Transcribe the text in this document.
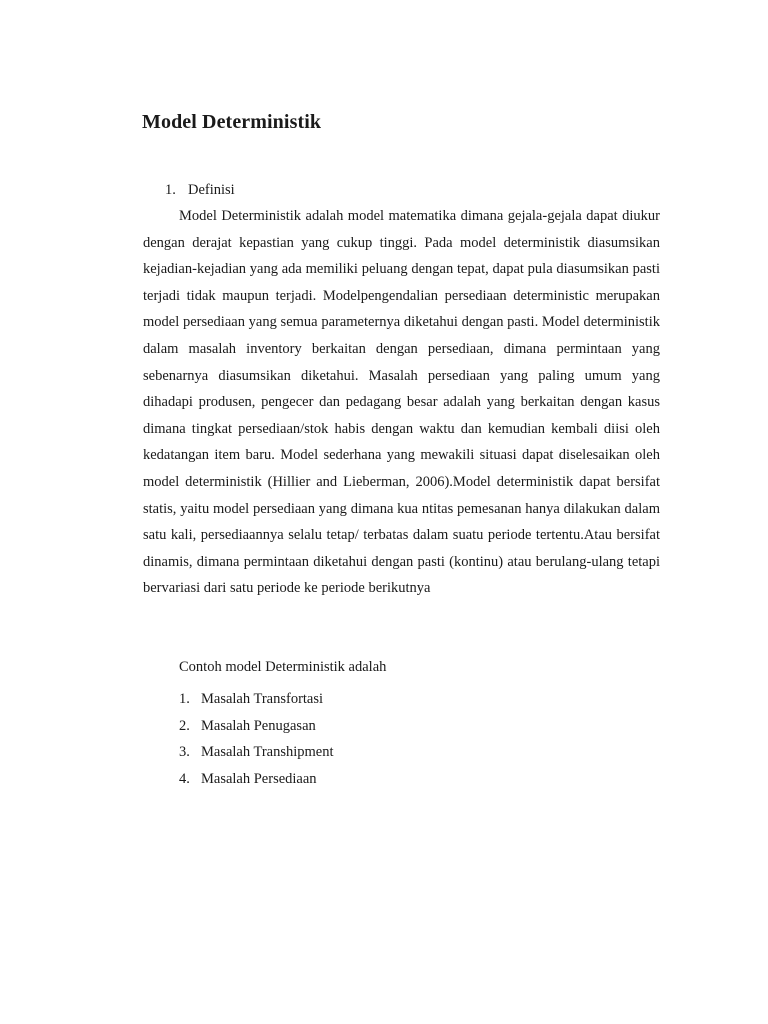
Model Deterministik
1. Definisi

Model Deterministik adalah model matematika dimana gejala-gejala dapat diukur dengan derajat kepastian yang cukup tinggi. Pada model deterministik diasumsikan kejadian-kejadian yang ada memiliki peluang dengan tepat, dapat pula diasumsikan pasti terjadi tidak maupun terjadi. Modelpengendalian persediaan deterministic merupakan model persediaan yang semua parameternya diketahui dengan pasti. Model deterministik dalam masalah inventory berkaitan dengan persediaan, dimana permintaan yang sebenarnya diasumsikan diketahui. Masalah persediaan yang paling umum yang dihadapi produsen, pengecer dan pedagang besar adalah yang berkaitan dengan kasus dimana tingkat persediaan/stok habis dengan waktu dan kemudian kembali diisi oleh kedatangan item baru. Model sederhana yang mewakili situasi dapat diselesaikan oleh model deterministik (Hillier and Lieberman, 2006).Model deterministik dapat bersifat statis, yaitu model persediaan yang dimana kua ntitas pemesanan hanya dilakukan dalam satu kali, persediaannya selalu tetap/ terbatas dalam suatu periode tertentu.Atau bersifat dinamis, dimana permintaan diketahui dengan pasti (kontinu) atau berulang-ulang tetapi bervariasi dari satu periode ke periode berikutnya

Contoh model Deterministik adalah
1. Masalah Transfortasi
2. Masalah Penugasan
3. Masalah Transhipment
4. Masalah Persediaan
